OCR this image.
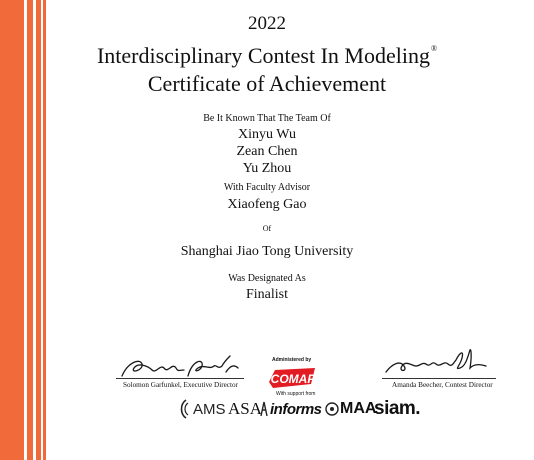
2022
Interdisciplinary Contest In Modeling®
Certificate of Achievement
Be It Known That The Team Of
Xinyu Wu
Zean Chen
Yu Zhou
With Faculty Advisor
Xiaofeng Gao
Of
Shanghai Jiao Tong University
Was Designated As
Finalist
Solomon Garfunkel, Executive Director	Amanda Beecher, Contest Director
Administered by
COMAP
With support from
AMS ASA informs MAA
siam.
